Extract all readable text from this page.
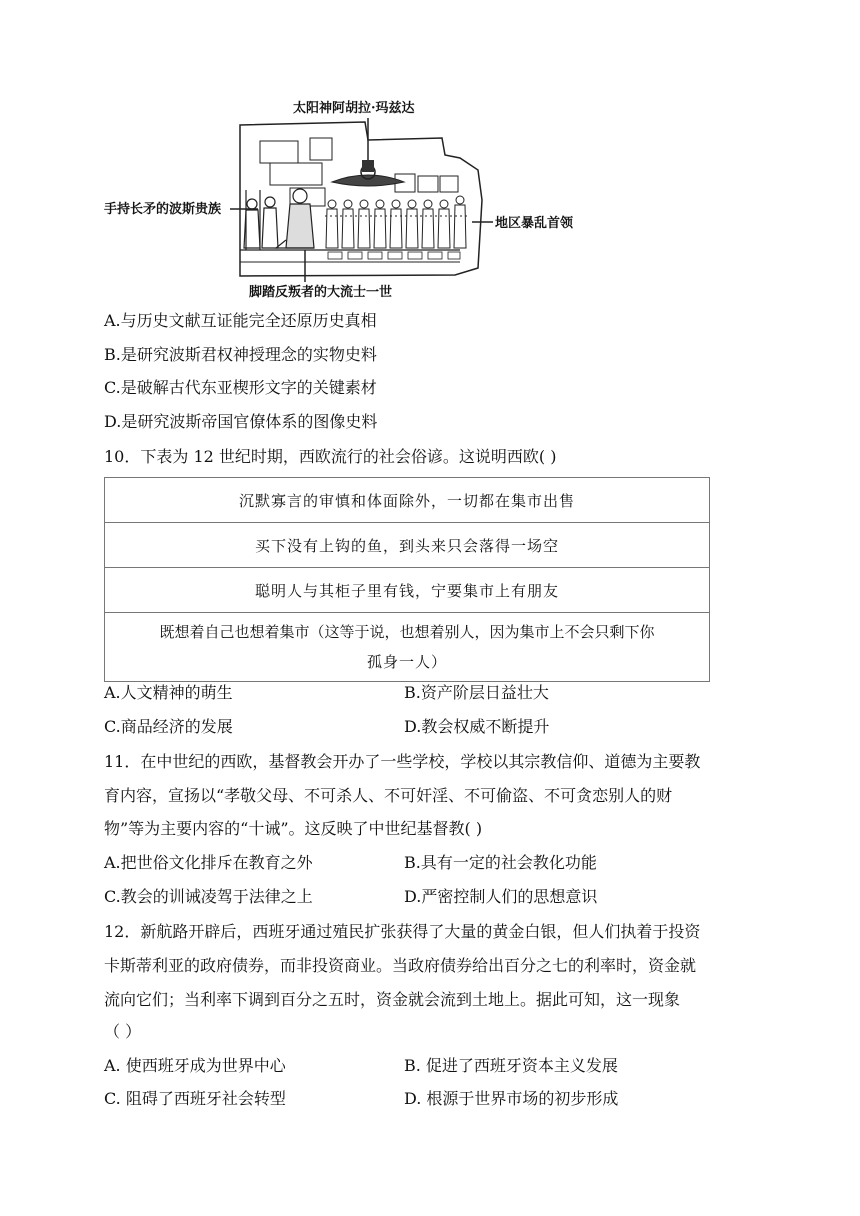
太阳神阿胡拉·玛兹达
手持长矛的波斯贵族
地区暴乱首领
脚踏反叛者的大流士一世
A.与历史文献互证能完全还原历史真相
B.是研究波斯君权神授理念的实物史料
C.是破解古代东亚楔形文字的关键素材
D.是研究波斯帝国官僚体系的图像史料
10．下表为 12 世纪时期，西欧流行的社会俗谚。这说明西欧( )
沉默寡言的审慎和体面除外，一切都在集市出售
买下没有上钩的鱼，到头来只会落得一场空
聪明人与其柜子里有钱，宁要集市上有朋友

既想着自己也想着集市（这等于说，也想着别人，因为集市上不会只剩下你
孤身一人）
A.人文精神的萌生	B.资产阶层日益壮大
C.商品经济的发展	D.教会权威不断提升
11．在中世纪的西欧，基督教会开办了一些学校，学校以其宗教信仰、道德为主要教
育内容，宣扬以“孝敬父母、不可杀人、不可奸淫、不可偷盗、不可贪恋别人的财
物”等为主要内容的“十诫”。这反映了中世纪基督教( )
A.把世俗文化排斥在教育之外	B.具有一定的社会教化功能
C.教会的训诫凌驾于法律之上	D.严密控制人们的思想意识
12．新航路开辟后，西班牙通过殖民扩张获得了大量的黄金白银，但人们执着于投资
卡斯蒂利亚的政府债券，而非投资商业。当政府债券给出百分之七的利率时，资金就
流向它们；当利率下调到百分之五时，资金就会流到土地上。据此可知，这一现象
（ ）
A. 使西班牙成为世界中心	B. 促进了西班牙资本主义发展
C. 阻碍了西班牙社会转型	D. 根源于世界市场的初步形成
